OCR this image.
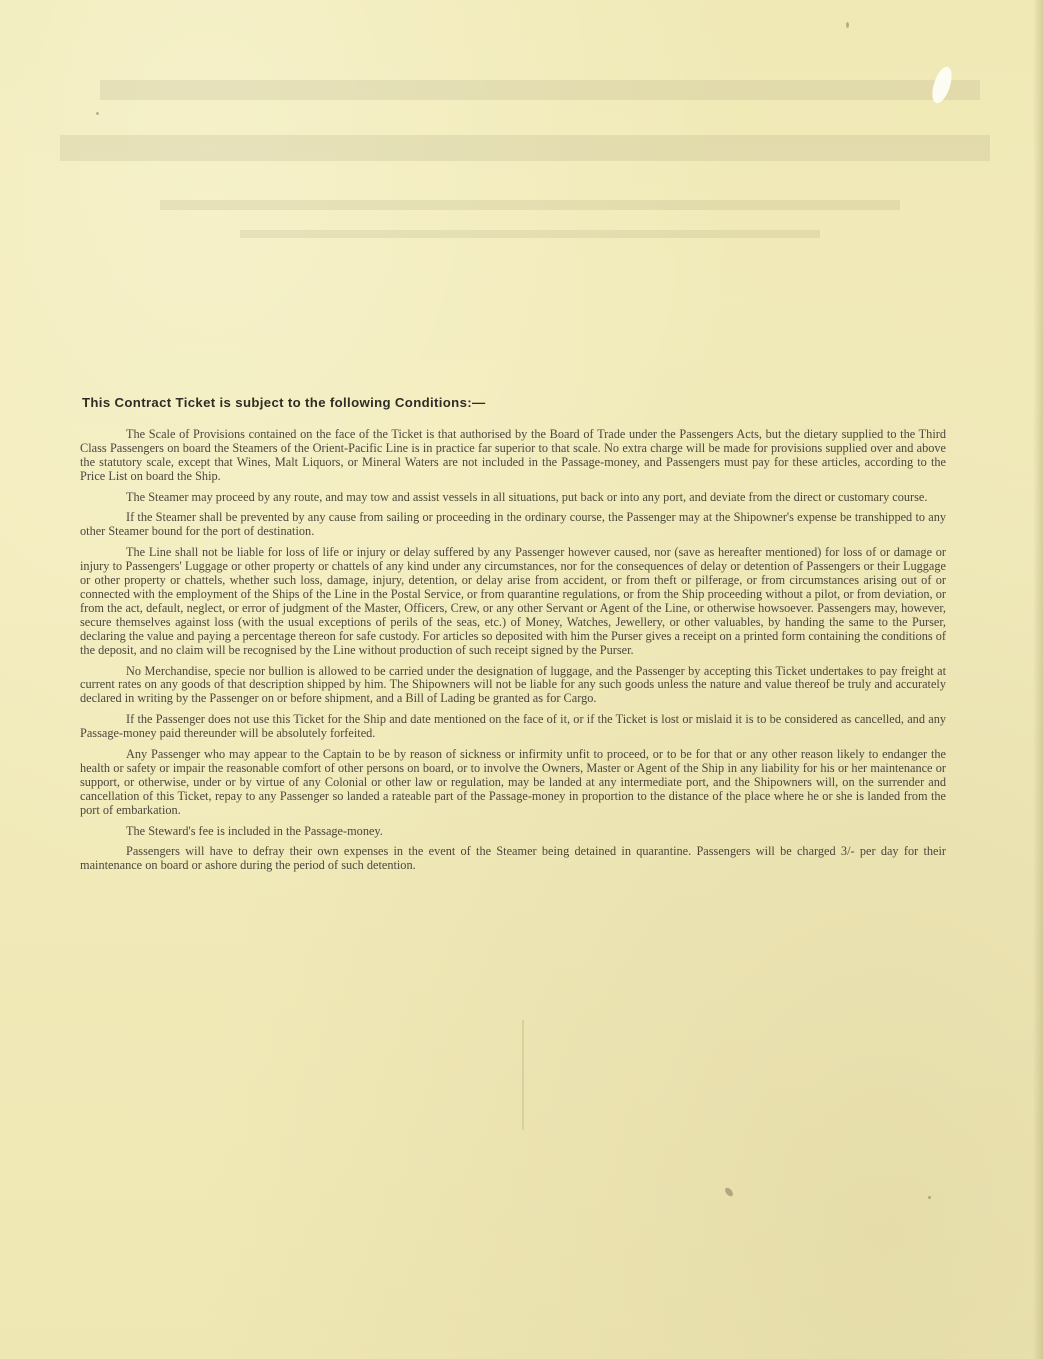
This Contract Ticket is subject to the following Conditions:—

The Scale of Provisions contained on the face of the Ticket is that authorised by the Board of Trade under the Passengers Acts, but the dietary supplied to the Third Class Passengers on board the Steamers of the Orient-Pacific Line is in practice far superior to that scale. No extra charge will be made for provisions supplied over and above the statutory scale, except that Wines, Malt Liquors, or Mineral Waters are not included in the Passage-money, and Passengers must pay for these articles, according to the Price List on board the Ship.

The Steamer may proceed by any route, and may tow and assist vessels in all situations, put back or into any port, and deviate from the direct or customary course.

If the Steamer shall be prevented by any cause from sailing or proceeding in the ordinary course, the Passenger may at the Shipowner's expense be transhipped to any other Steamer bound for the port of destination.

The Line shall not be liable for loss of life or injury or delay suffered by any Passenger however caused, nor (save as hereafter mentioned) for loss of or damage or injury to Passengers' Luggage or other property or chattels of any kind under any circumstances, nor for the consequences of delay or detention of Passengers or their Luggage or other property or chattels, whether such loss, damage, injury, detention, or delay arise from accident, or from theft or pilferage, or from circumstances arising out of or connected with the employment of the Ships of the Line in the Postal Service, or from quarantine regulations, or from the Ship proceeding without a pilot, or from deviation, or from the act, default, neglect, or error of judgment of the Master, Officers, Crew, or any other Servant or Agent of the Line, or otherwise howsoever. Passengers may, however, secure themselves against loss (with the usual exceptions of perils of the seas, etc.) of Money, Watches, Jewellery, or other valuables, by handing the same to the Purser, declaring the value and paying a percentage thereon for safe custody. For articles so deposited with him the Purser gives a receipt on a printed form containing the conditions of the deposit, and no claim will be recognised by the Line without production of such receipt signed by the Purser.

No Merchandise, specie nor bullion is allowed to be carried under the designation of luggage, and the Passenger by accepting this Ticket undertakes to pay freight at current rates on any goods of that description shipped by him. The Shipowners will not be liable for any such goods unless the nature and value thereof be truly and accurately declared in writing by the Passenger on or before shipment, and a Bill of Lading be granted as for Cargo.

If the Passenger does not use this Ticket for the Ship and date mentioned on the face of it, or if the Ticket is lost or mislaid it is to be considered as cancelled, and any Passage-money paid thereunder will be absolutely forfeited.

Any Passenger who may appear to the Captain to be by reason of sickness or infirmity unfit to proceed, or to be for that or any other reason likely to endanger the health or safety or impair the reasonable comfort of other persons on board, or to involve the Owners, Master or Agent of the Ship in any liability for his or her maintenance or support, or otherwise, under or by virtue of any Colonial or other law or regulation, may be landed at any intermediate port, and the Shipowners will, on the surrender and cancellation of this Ticket, repay to any Passenger so landed a rateable part of the Passage-money in proportion to the distance of the place where he or she is landed from the port of embarkation.

The Steward's fee is included in the Passage-money.

Passengers will have to defray their own expenses in the event of the Steamer being detained in quarantine. Passengers will be charged 3/- per day for their maintenance on board or ashore during the period of such detention.
